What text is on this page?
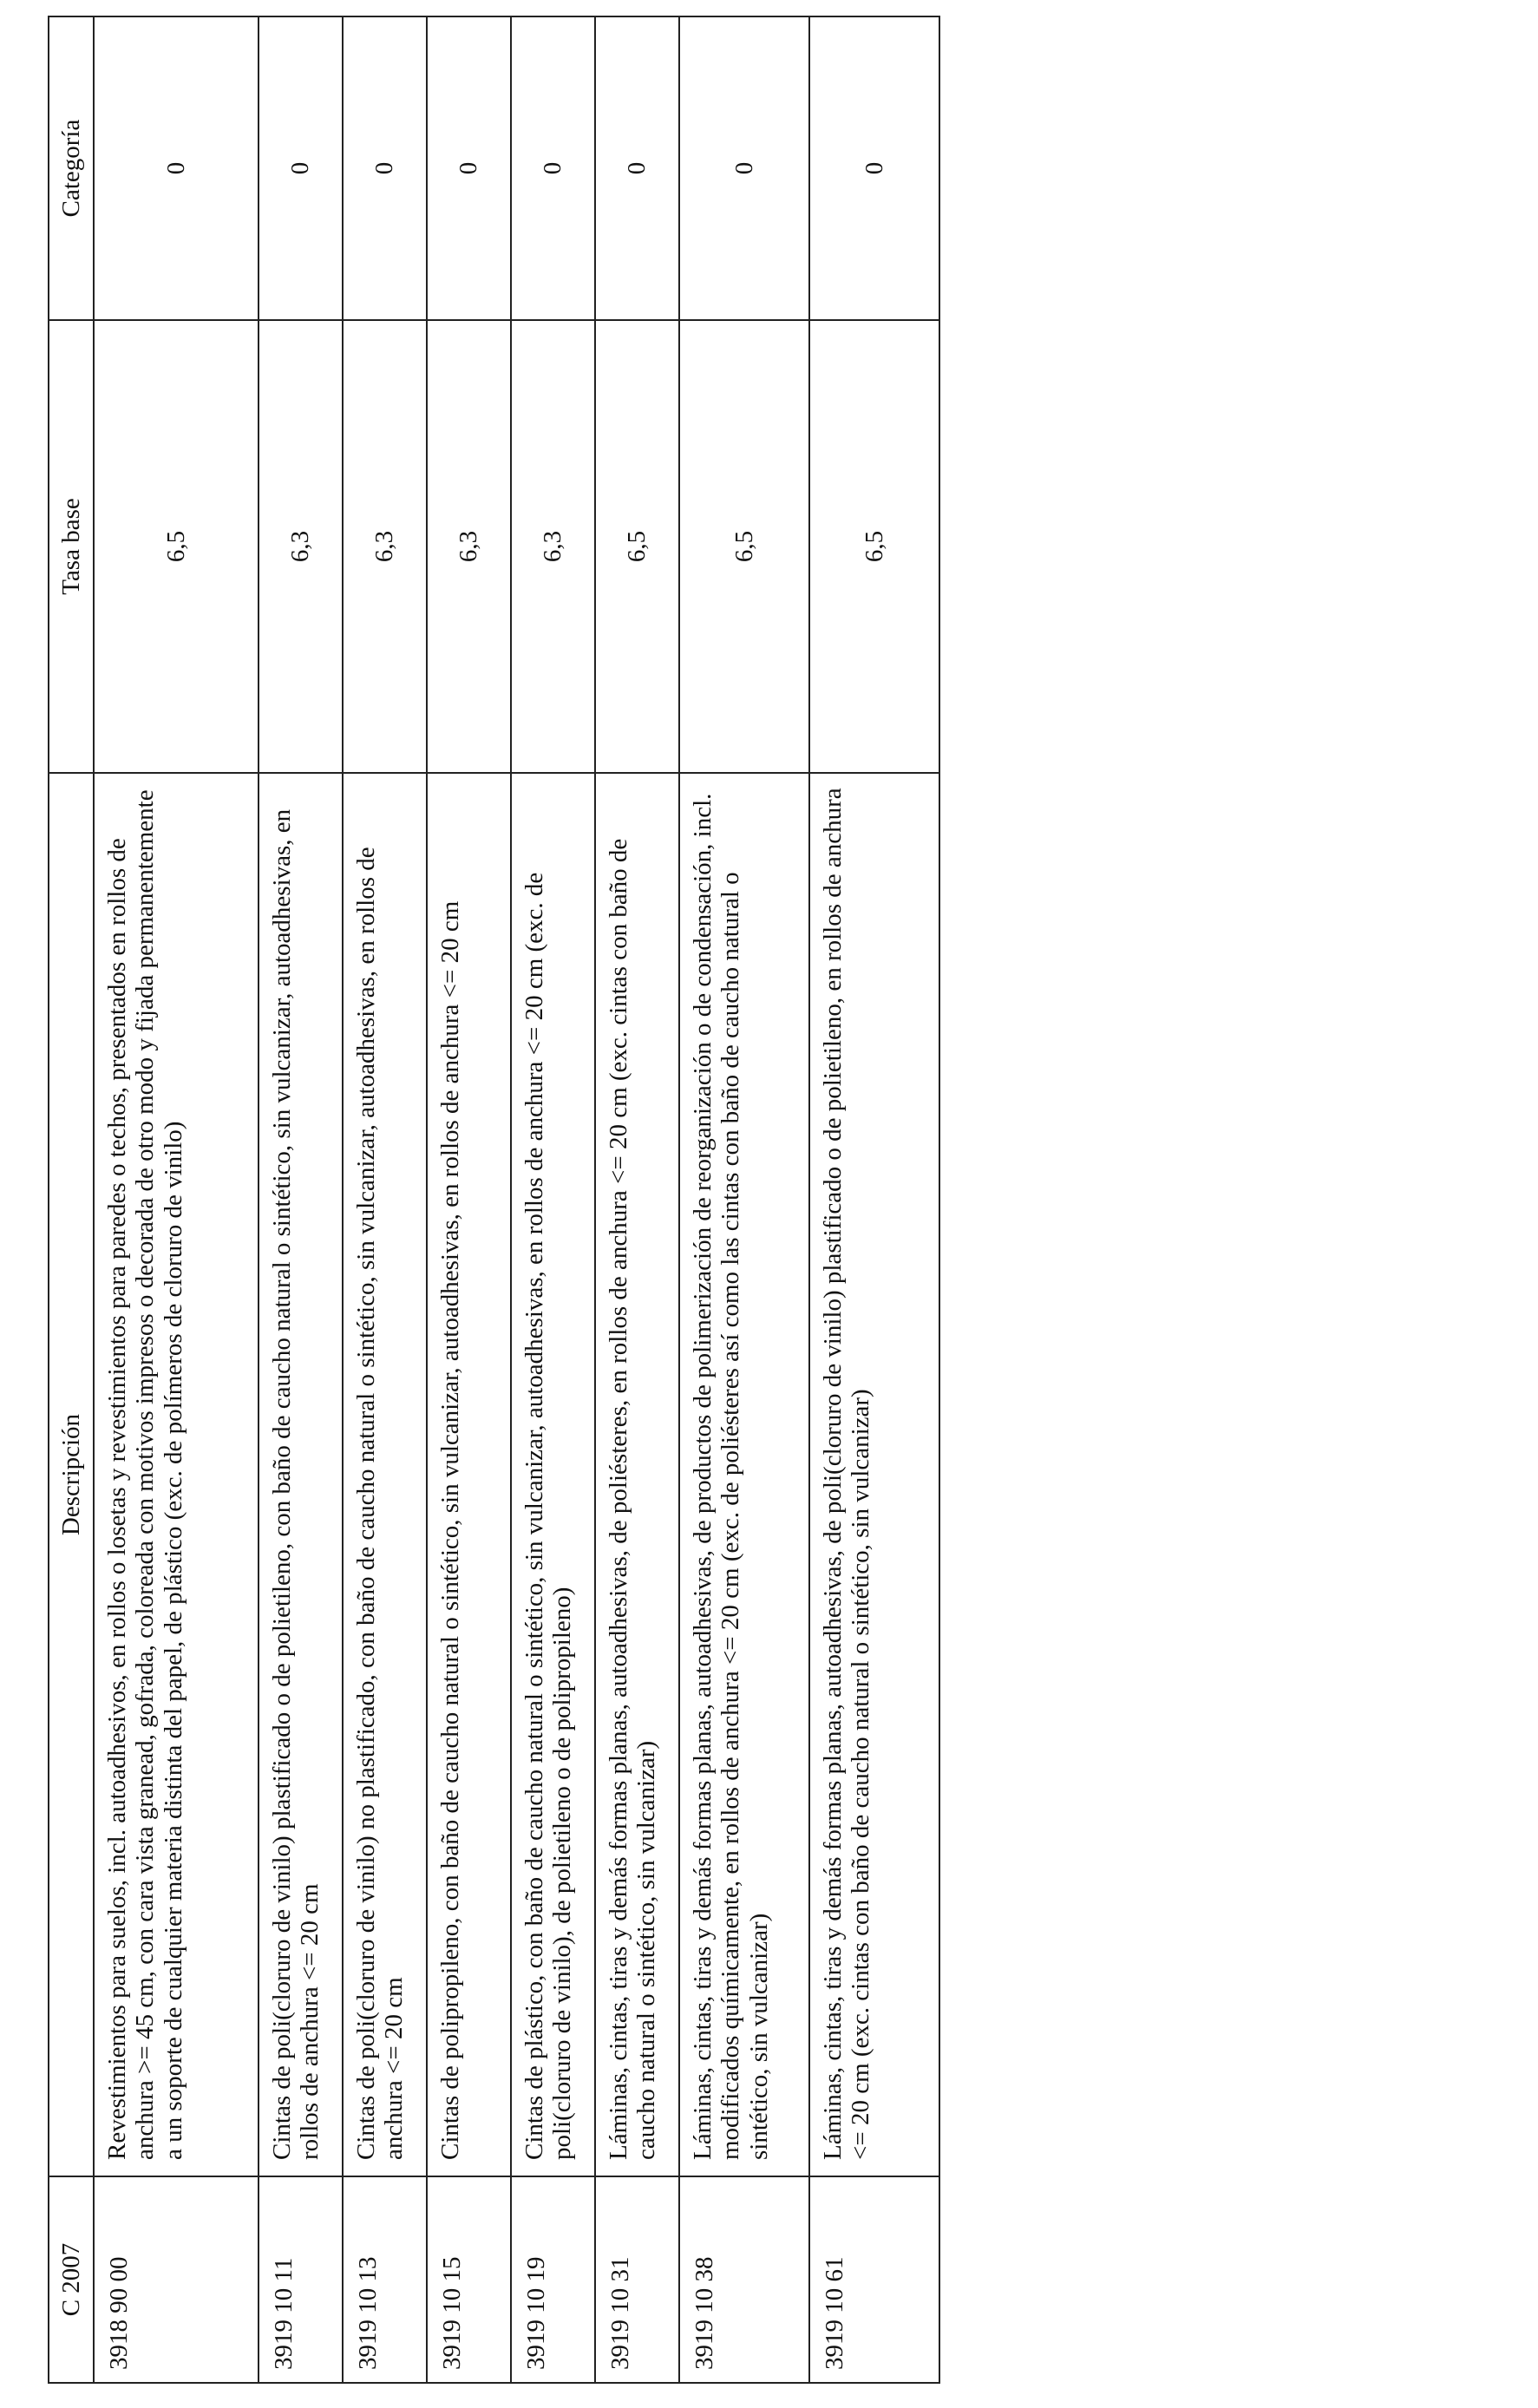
C 2007	Descripción	Tasa base	Categoría
3918 90 00	Revestimientos para suelos, incl. autoadhesivos, en rollos o losetas y revestimientos para paredes o techos, presentados en rollos de anchura >= 45 cm, con cara vista granead, gofrada, coloreada con motivos impresos o decorada de otro modo y fijada permanentemente a un soporte de cualquier materia distinta del papel, de plástico (exc. de polímeros de cloruro de vinilo)	6,5	0
3919 10 11	Cintas de poli(cloruro de vinilo) plastificado o de polietileno, con baño de caucho natural o sintético, sin vulcanizar, autoadhesivas, en rollos de anchura <= 20 cm	6,3	0
3919 10 13	Cintas de poli(cloruro de vinilo) no plastificado, con baño de caucho natural o sintético, sin vulcanizar, autoadhesivas, en rollos de anchura <= 20 cm	6,3	0
3919 10 15	Cintas de polipropileno, con baño de caucho natural o sintético, sin vulcanizar, autoadhesivas, en rollos de anchura <= 20 cm	6,3	0
3919 10 19	Cintas de plástico, con baño de caucho natural o sintético, sin vulcanizar, autoadhesivas, en rollos de anchura <= 20 cm (exc. de poli(cloruro de vinilo), de polietileno o de polipropileno)	6,3	0
3919 10 31	Láminas, cintas, tiras y demás formas planas, autoadhesivas, de poliésteres, en rollos de anchura <= 20 cm (exc. cintas con baño de caucho natural o sintético, sin vulcanizar)	6,5	0
3919 10 38	Láminas, cintas, tiras y demás formas planas, autoadhesivas, de productos de polimerización de reorganización o de condensación, incl. modificados químicamente, en rollos de anchura <= 20 cm (exc. de poliésteres así como las cintas con baño de caucho natural o sintético, sin vulcanizar)	6,5	0
3919 10 61	Láminas, cintas, tiras y demás formas planas, autoadhesivas, de poli(cloruro de vinilo) plastificado o de polietileno, en rollos de anchura <= 20 cm (exc. cintas con baño de caucho natural o sintético, sin vulcanizar)	6,5	0
